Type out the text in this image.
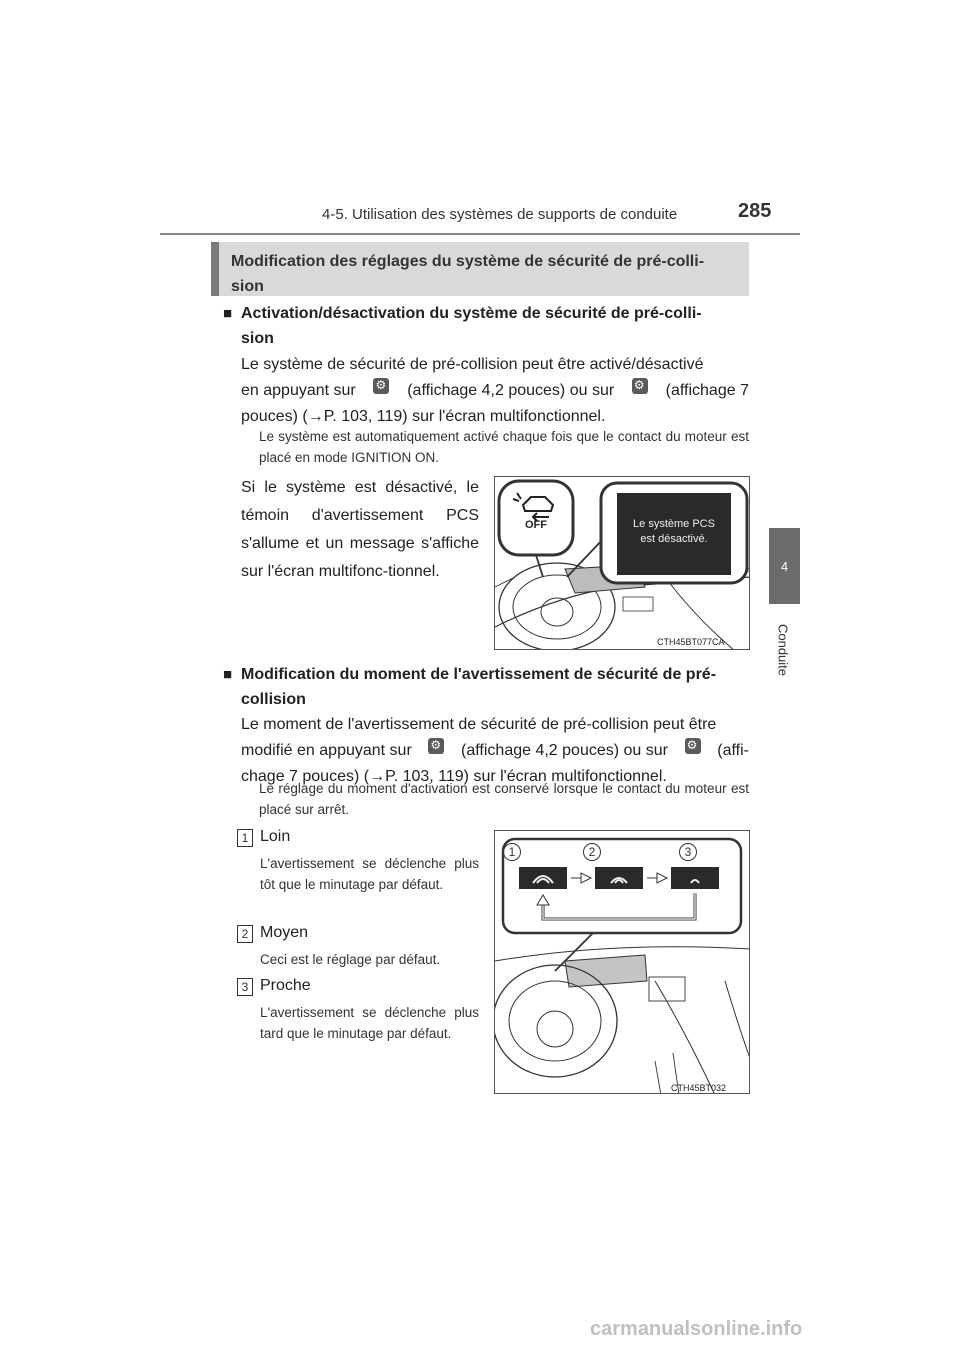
4-5. Utilisation des systèmes de supports de conduite	285
4
Conduite
Modification des réglages du système de sécurité de pré-colli-
sion
■ Activation/désactivation du système de sécurité de pré-colli-
sion
Le système de sécurité de pré-collision peut être activé/désactivé
en appuyant sur ⚙	(affichage 4,2 pouces) ou sur ⚙	(affichage 7
pouces) (→P. 103, 119) sur l'écran multifonctionnel.
Le système est automatiquement activé chaque fois que le contact du moteur est placé en mode IGNITION ON.
Si le système est désactivé, le témoin d'avertissement PCS s'allume et un message s'affiche sur l'écran multifonc-tionnel.
OFF	Le système PCS
est désactivé.
CTH45BT077CA
■ Modification du moment de l'avertissement de sécurité de pré-
collision
Le moment de l'avertissement de sécurité de pré-collision peut être
modifié en appuyant sur ⚙	(affichage 4,2 pouces) ou sur ⚙	(affi-
chage 7 pouces) (→P. 103, 119) sur l'écran multifonctionnel.
Le réglage du moment d'activation est conservé lorsque le contact du moteur est placé sur arrêt.
1 Loin
L'avertissement se déclenche plus tôt que le minutage par défaut.
2 Moyen
Ceci est le réglage par défaut.
3 Proche
L'avertissement se déclenche plus tard que le minutage par défaut.
1	2	3
CTH45BT032
carmanualsonline.info
